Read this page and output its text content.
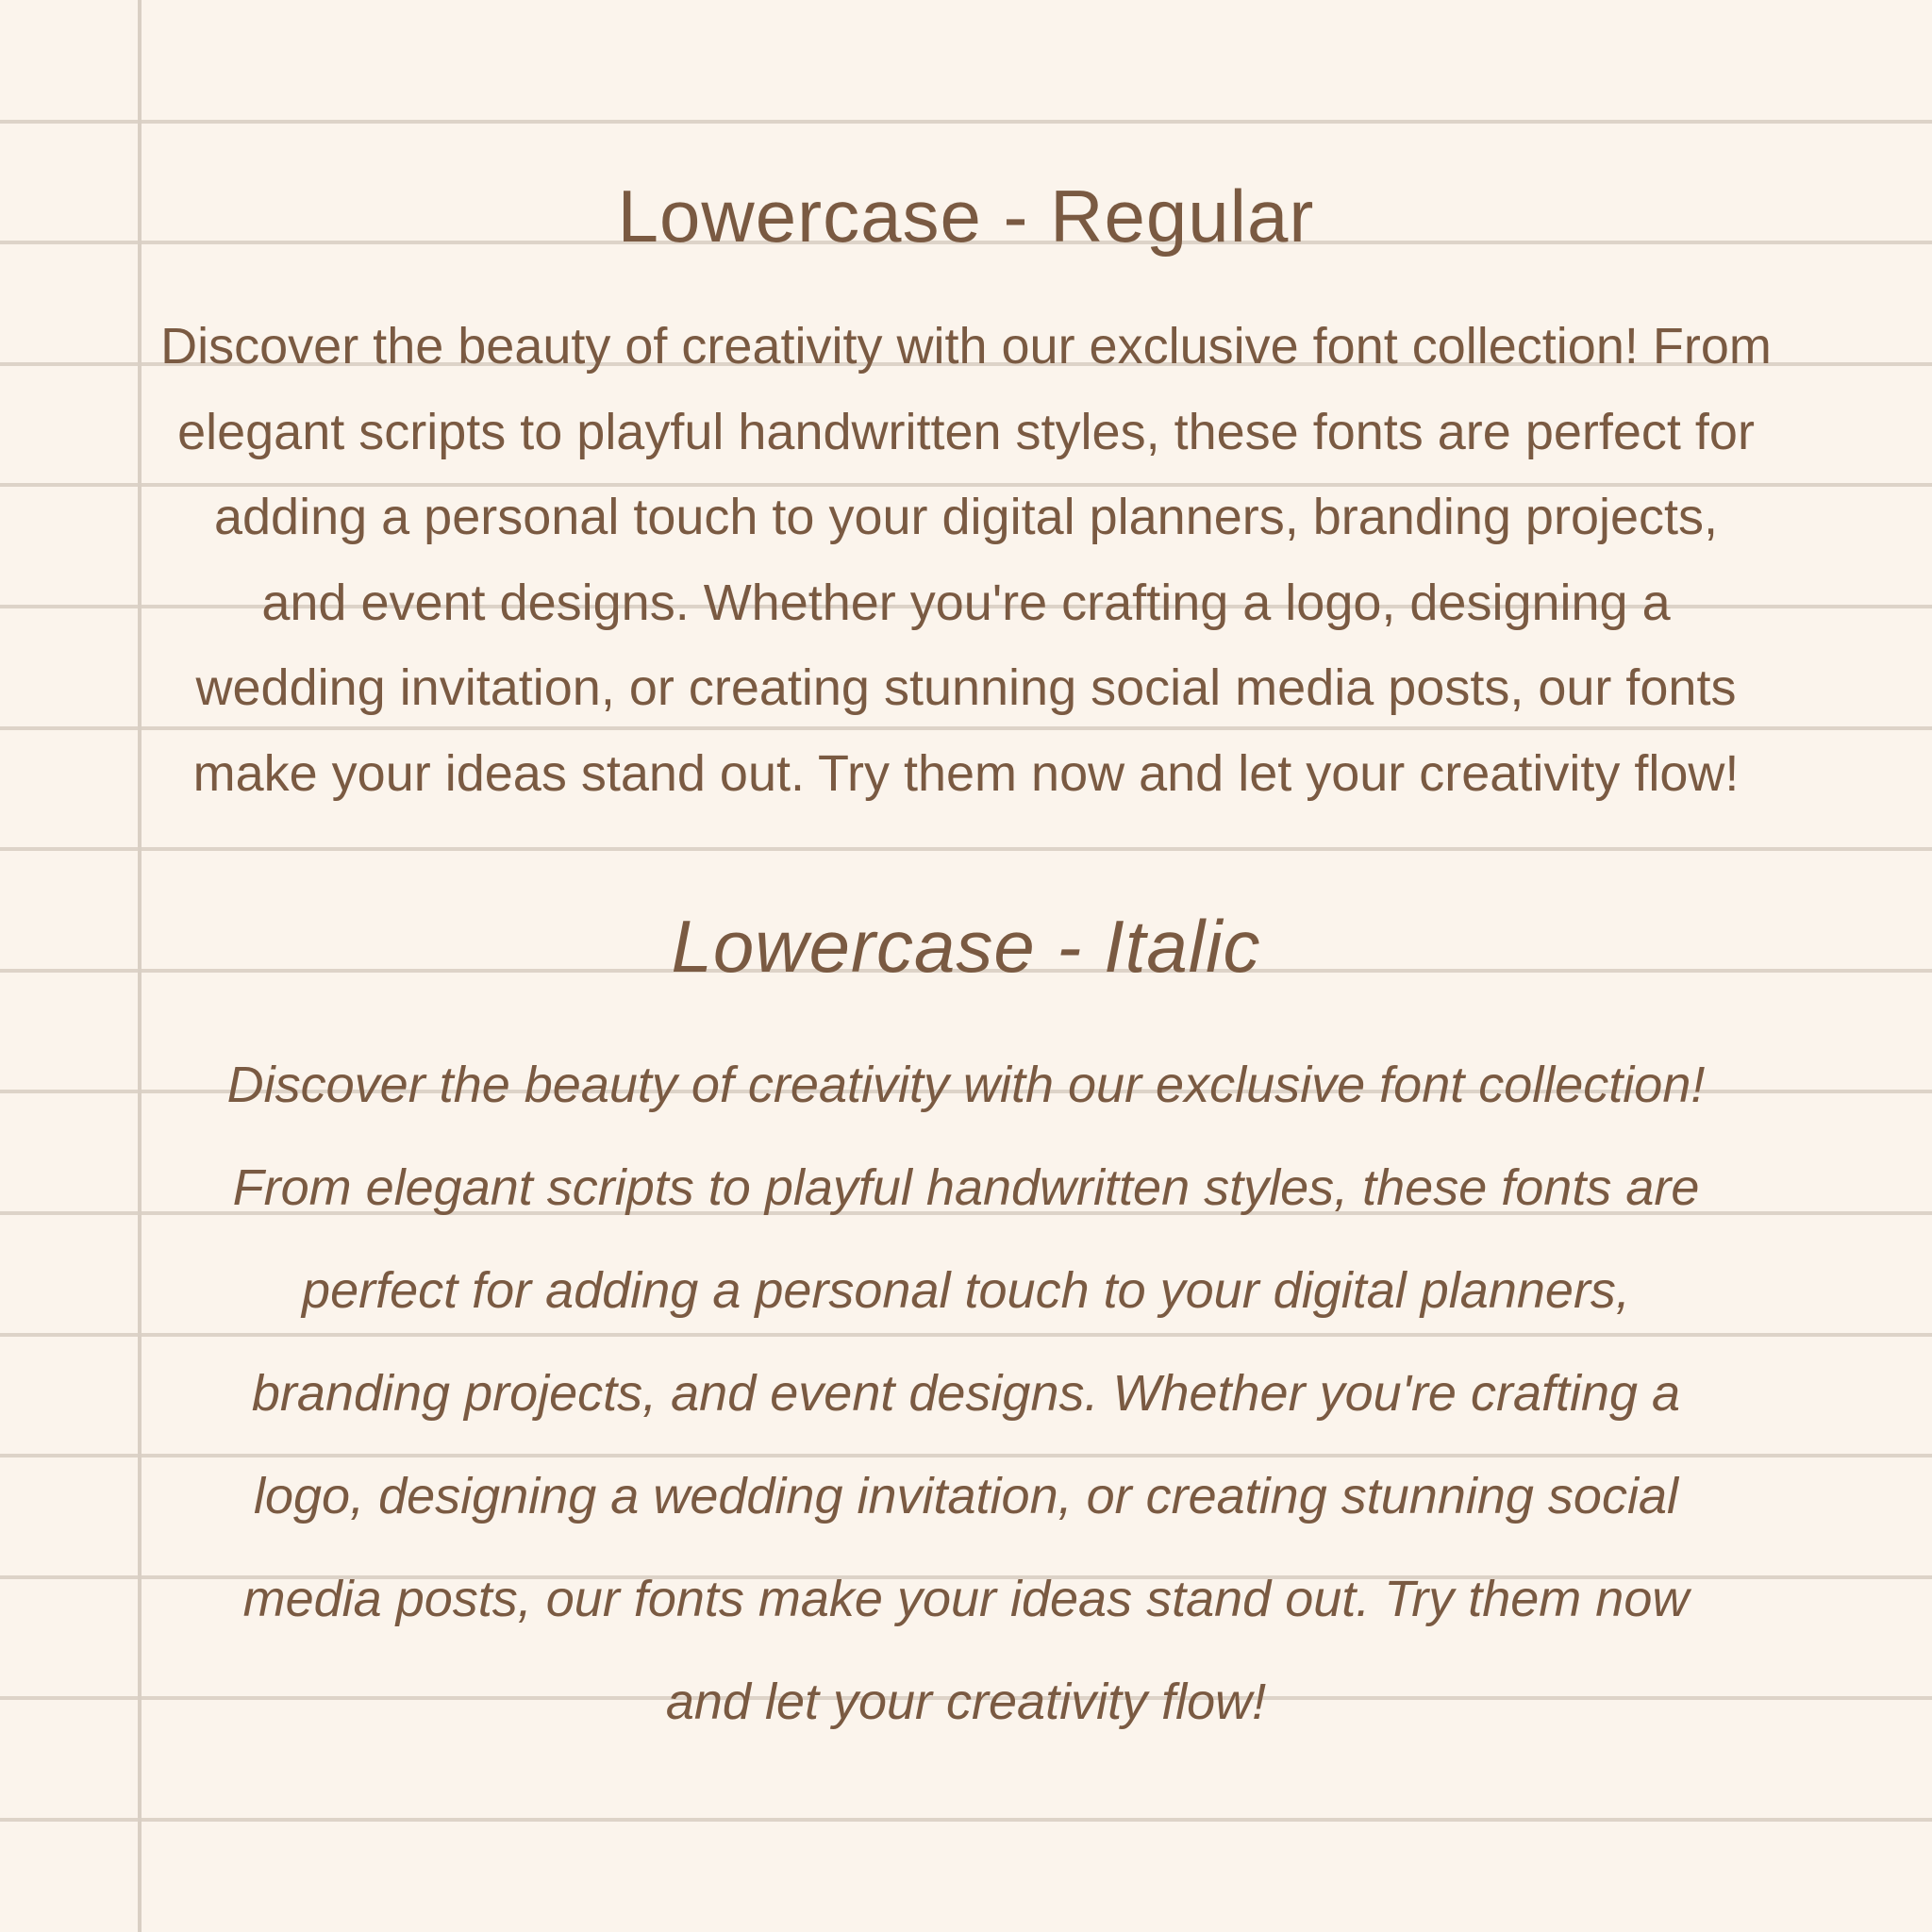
Lowercase - Regular
Discover the beauty of creativity with our exclusive font collection! From
elegant scripts to playful handwritten styles, these fonts are perfect for
adding a personal touch to your digital planners, branding projects,
and event designs. Whether you're crafting a logo, designing a
wedding invitation, or creating stunning social media posts, our fonts
make your ideas stand out. Try them now and let your creativity flow!
Lowercase - Italic
Discover the beauty of creativity with our exclusive font collection!
From elegant scripts to playful handwritten styles, these fonts are
perfect for adding a personal touch to your digital planners,
branding projects, and event designs. Whether you're crafting a
logo, designing a wedding invitation, or creating stunning social
media posts, our fonts make your ideas stand out. Try them now
and let your creativity flow!
